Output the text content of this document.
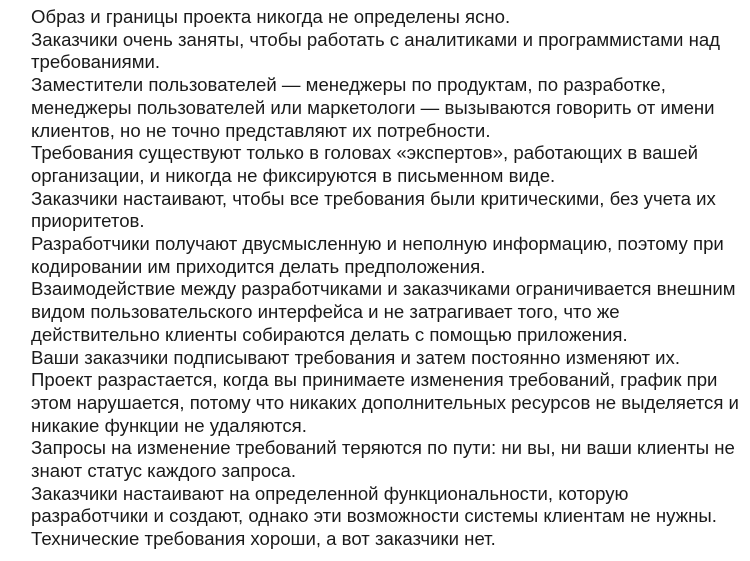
Образ и границы проекта никогда не определены ясно.

Заказчики очень заняты, чтобы работать с аналитиками и программистами над требованиями.

Заместители пользователей — менеджеры по продуктам, по разработке, менеджеры пользователей или маркетологи — вызываются говорить от имени клиентов, но не точно представляют их потребности.

Требования существуют только в головах «экспертов», работающих в вашей организации, и никогда не фиксируются в письменном виде.

Заказчики настаивают, чтобы все требования были критическими, без учета их приоритетов.

Разработчики получают двусмысленную и неполную информацию, поэтому при кодировании им приходится делать предположения.

Взаимодействие между разработчиками и заказчиками ограничивается внешним видом пользовательского интерфейса и не затрагивает того, что же действительно клиенты собираются делать с помощью приложения.

Ваши заказчики подписывают требования и затем постоянно изменяют их.

Проект разрастается, когда вы принимаете изменения требований, график при этом нарушается, потому что никаких дополнительных ресурсов не выделяется и никакие функции не удаляются.

Запросы на изменение требований теряются по пути: ни вы, ни ваши клиенты не знают статус каждого запроса.

Заказчики настаивают на определенной функциональности, которую разработчики и создают, однако эти возможности системы клиентам не нужны.

Технические требования хороши, а вот заказчики нет.
